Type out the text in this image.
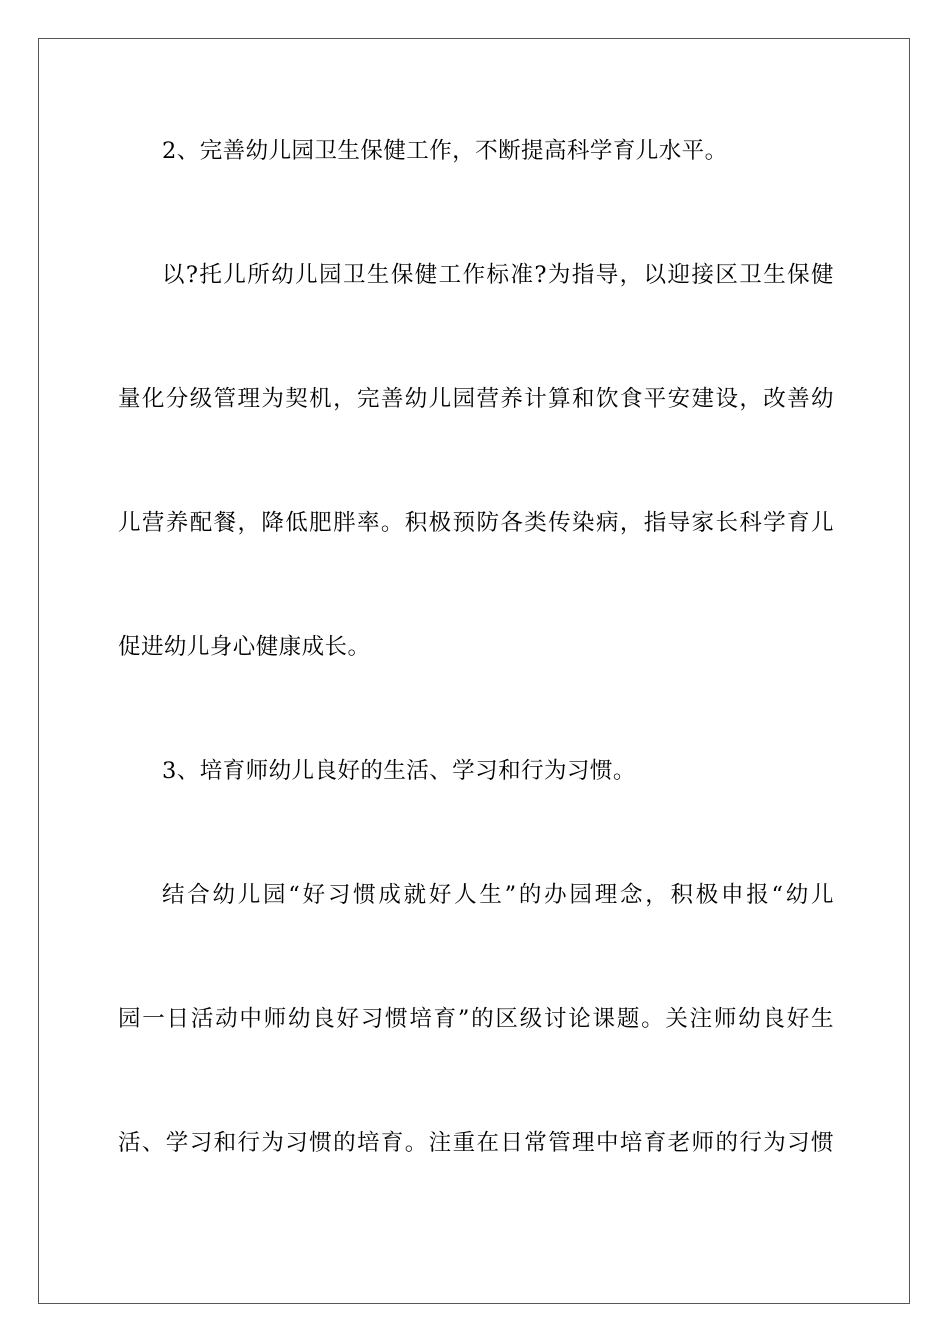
2、完善幼儿园卫生保健工作，不断提高科学育儿水平。
以?托儿所幼儿园卫生保健工作标准?为指导，以迎接区卫生保健
量化分级管理为契机，完善幼儿园营养计算和饮食平安建设，改善幼
儿营养配餐，降低肥胖率。积极预防各类传染病，指导家长科学育儿
促进幼儿身心健康成长。
3、培育师幼儿良好的生活、学习和行为习惯。
结合幼儿园“好习惯成就好人生”的办园理念，积极申报“幼儿
园一日活动中师幼良好习惯培育”的区级讨论课题。关注师幼良好生
活、学习和行为习惯的培育。注重在日常管理中培育老师的行为习惯
